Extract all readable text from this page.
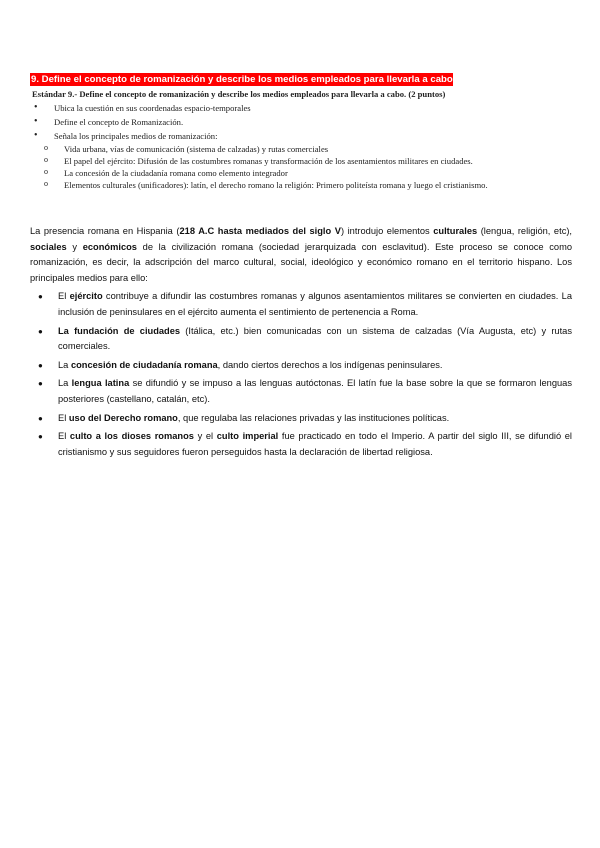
9. Define el concepto de romanización y describe los medios empleados para llevarla a cabo
Estándar 9.- Define el concepto de romanización y describe los medios empleados para llevarla a cabo. (2 puntos)
• Ubica la cuestión en sus coordenadas espacio-temporales
• Define el concepto de Romanización.
• Señala los principales medios de romanización:
o Vida urbana, vías de comunicación (sistema de calzadas) y rutas comerciales
o El papel del ejército: Difusión de las costumbres romanas y transformación de los asentamientos militares en ciudades.
o La concesión de la ciudadanía romana como elemento integrador
o Elementos culturales (unificadores): latín, el derecho romano la religión: Primero politeísta romana y luego el cristianismo.

La presencia romana en Hispania (218 A.C hasta mediados del siglo V) introdujo elementos culturales (lengua, religión, etc), sociales y económicos de la civilización romana (sociedad jerarquizada con esclavitud). Este proceso se conoce como romanización, es decir, la adscripción del marco cultural, social, ideológico y económico romano en el territorio hispano. Los principales medios para ello:

● El ejército contribuye a difundir las costumbres romanas y algunos asentamientos militares se convierten en ciudades. La inclusión de peninsulares en el ejército aumenta el sentimiento de pertenencia a Roma.
● La fundación de ciudades (Itálica, etc.) bien comunicadas con un sistema de calzadas (Vía Augusta, etc) y rutas comerciales.
● La concesión de ciudadanía romana, dando ciertos derechos a los indígenas peninsulares.
● La lengua latina se difundió y se impuso a las lenguas autóctonas. El latín fue la base sobre la que se formaron lenguas posteriores (castellano, catalán, etc).
● El uso del Derecho romano, que regulaba las relaciones privadas y las instituciones políticas.
● El culto a los dioses romanos y el culto imperial fue practicado en todo el Imperio. A partir del siglo III, se difundió el cristianismo y sus seguidores fueron perseguidos hasta la declaración de libertad religiosa.
